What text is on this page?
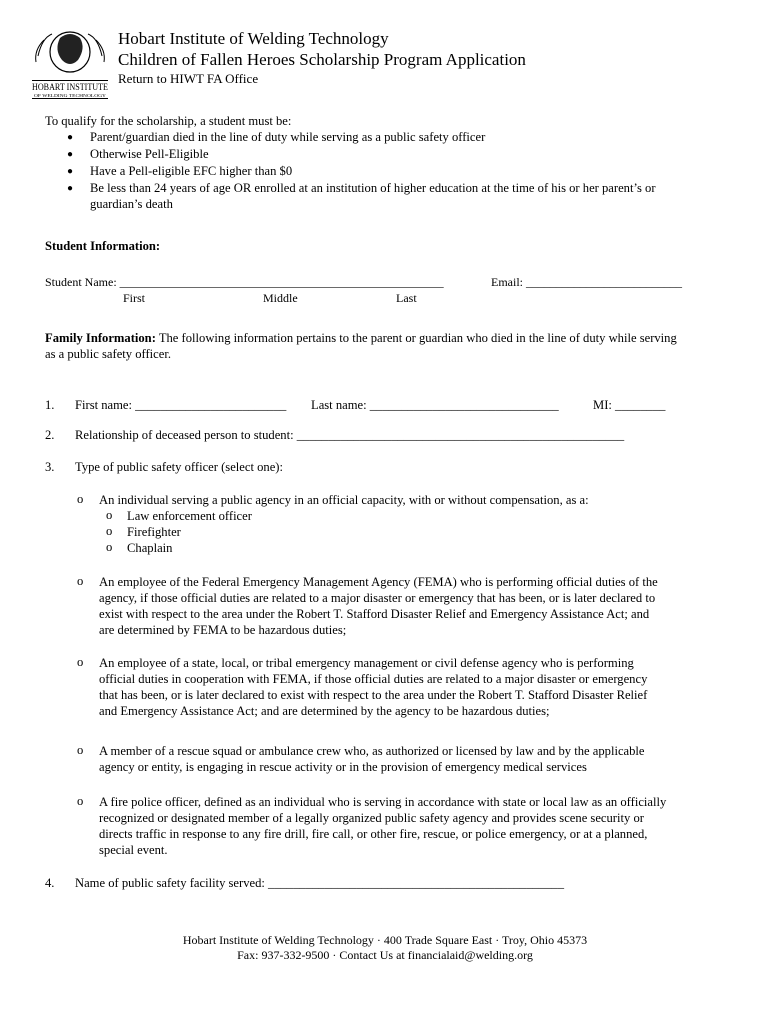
HOBART INSTITUTE
OF WELDING TECHNOLOGY
Hobart Institute of Welding Technology
Children of Fallen Heroes Scholarship Program Application
Return to HIWT FA Office
To qualify for the scholarship, a student must be:
● Parent/guardian died in the line of duty while serving as a public safety officer
● Otherwise Pell-Eligible
● Have a Pell-eligible EFC higher than $0
● Be less than 24 years of age OR enrolled at an institution of higher education at the time of his or her parent’s or
guardian’s death
Student Information:
Student Name: ______________________________________________________	Email: __________________________
First	Middle	Last
Family Information: The following information pertains to the parent or guardian who died in the line of duty while serving
as a public safety officer.
1. First name: ________________________ Last name: ______________________________	MI: ________
2. Relationship of deceased person to student: ____________________________________________________
3. Type of public safety officer (select one):
o An individual serving a public agency in an official capacity, with or without compensation, as a:
o Law enforcement officer
o Firefighter
o Chaplain
o An employee of the Federal Emergency Management Agency (FEMA) who is performing official duties of the
agency, if those official duties are related to a major disaster or emergency that has been, or is later declared to
exist with respect to the area under the Robert T. Stafford Disaster Relief and Emergency Assistance Act; and
are determined by FEMA to be hazardous duties;
o An employee of a state, local, or tribal emergency management or civil defense agency who is performing
official duties in cooperation with FEMA, if those official duties are related to a major disaster or emergency
that has been, or is later declared to exist with respect to the area under the Robert T. Stafford Disaster Relief
and Emergency Assistance Act; and are determined by the agency to be hazardous duties;
o A member of a rescue squad or ambulance crew who, as authorized or licensed by law and by the applicable
agency or entity, is engaging in rescue activity or in the provision of emergency medical services
o A fire police officer, defined as an individual who is serving in accordance with state or local law as an officially
recognized or designated member of a legally organized public safety agency and provides scene security or
directs traffic in response to any fire drill, fire call, or other fire, rescue, or police emergency, or at a planned,
special event.
4. Name of public safety facility served: _______________________________________________
Hobart Institute of Welding Technology · 400 Trade Square East · Troy, Ohio 45373
Fax: 937-332-9500 · Contact Us at financialaid@welding.org
